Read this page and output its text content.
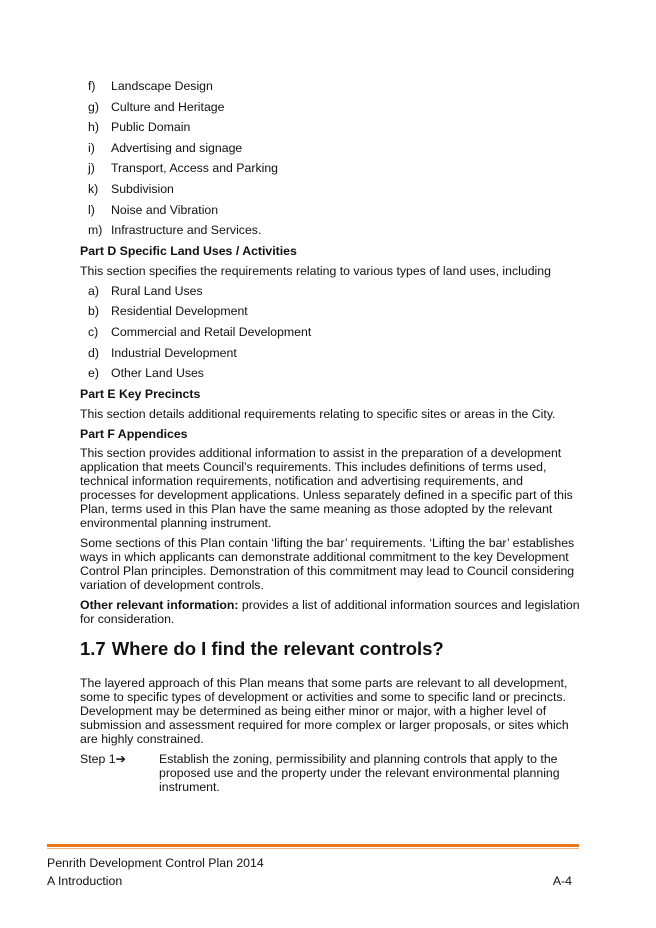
f) Landscape Design
g) Culture and Heritage
h) Public Domain
i) Advertising and signage
j) Transport, Access and Parking
k) Subdivision
l) Noise and Vibration
m) Infrastructure and Services.
Part D Specific Land Uses / Activities
This section specifies the requirements relating to various types of land uses, including
a) Rural Land Uses
b) Residential Development
c) Commercial and Retail Development
d) Industrial Development
e) Other Land Uses
Part E Key Precincts
This section details additional requirements relating to specific sites or areas in the City.
Part F Appendices

This section provides additional information to assist in the preparation of a development application that meets Council’s requirements. This includes definitions of terms used, technical information requirements, notification and advertising requirements, and processes for development applications. Unless separately defined in a specific part of this Plan, terms used in this Plan have the same meaning as those adopted by the relevant environmental planning instrument.

Some sections of this Plan contain ‘lifting the bar’ requirements. ‘Lifting the bar’ establishes ways in which applicants can demonstrate additional commitment to the key Development Control Plan principles. Demonstration of this commitment may lead to Council considering variation of development controls.

Other relevant information: provides a list of additional information sources and legislation for consideration.

1.7 Where do I find the relevant controls?

The layered approach of this Plan means that some parts are relevant to all development, some to specific types of development or activities and some to specific land or precincts. Development may be determined as being either minor or major, with a higher level of submission and assessment required for more complex or larger proposals, or sites which are highly constrained.

Step 1➔	Establish the zoning, permissibility and planning controls that apply to the proposed use and the property under the relevant environmental planning instrument.
Penrith Development Control Plan 2014
A Introduction	A-4
